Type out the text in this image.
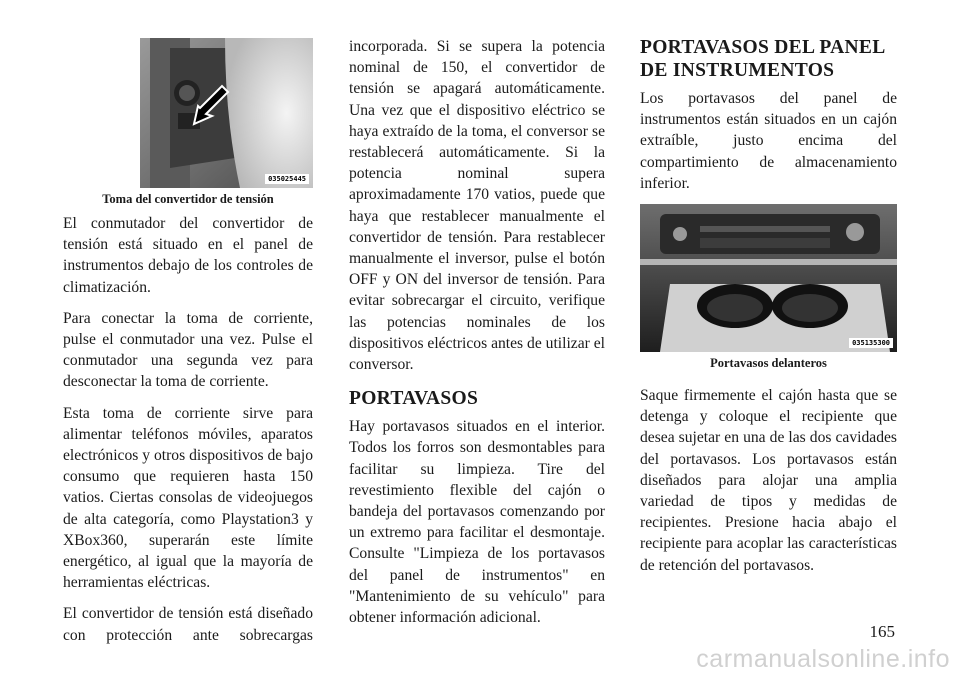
035025445
Toma del convertidor de tensión

El conmutador del convertidor de tensión está situado en el panel de instrumentos debajo de los controles de climatización.

Para conectar la toma de corriente, pulse el conmutador una vez. Pulse el conmutador una segunda vez para desconectar la toma de corriente.

Esta toma de corriente sirve para alimentar teléfonos móviles, aparatos electrónicos y otros dispositivos de bajo consumo que requieren hasta 150 vatios. Ciertas consolas de videojuegos de alta categoría, como Playstation3 y XBox360, superarán este límite energético, al igual que la mayoría de herramientas eléctricas.

El convertidor de tensión está diseñado con protección ante sobrecargas

incorporada. Si se supera la potencia nominal de 150, el convertidor de tensión se apagará automáticamente. Una vez que el dispositivo eléctrico se haya extraído de la toma, el conversor se restablecerá automáticamente. Si la potencia nominal supera aproximadamente 170 vatios, puede que haya que restablecer manualmente el convertidor de tensión. Para restablecer manualmente el inversor, pulse el botón OFF y ON del inversor de tensión. Para evitar sobrecargar el circuito, verifique las potencias nominales de los dispositivos eléctricos antes de utilizar el conversor.

PORTAVASOS

Hay portavasos situados en el interior. Todos los forros son desmontables para facilitar su limpieza. Tire del revestimiento flexible del cajón o bandeja del portavasos comenzando por un extremo para facilitar el desmontaje. Consulte "Limpieza de los portavasos del panel de instrumentos" en "Mantenimiento de su vehículo" para obtener información adicional.

PORTAVASOS DEL PANEL DE INSTRUMENTOS

Los portavasos del panel de instrumentos están situados en un cajón extraíble, justo encima del compartimiento de almacenamiento inferior.

035135300
Portavasos delanteros

Saque firmemente el cajón hasta que se detenga y coloque el recipiente que desea sujetar en una de las dos cavidades del portavasos. Los portavasos están diseñados para alojar una amplia variedad de tipos y medidas de recipientes. Presione hacia abajo el recipiente para acoplar las características de retención del portavasos.

165
carmanualsonline.info
